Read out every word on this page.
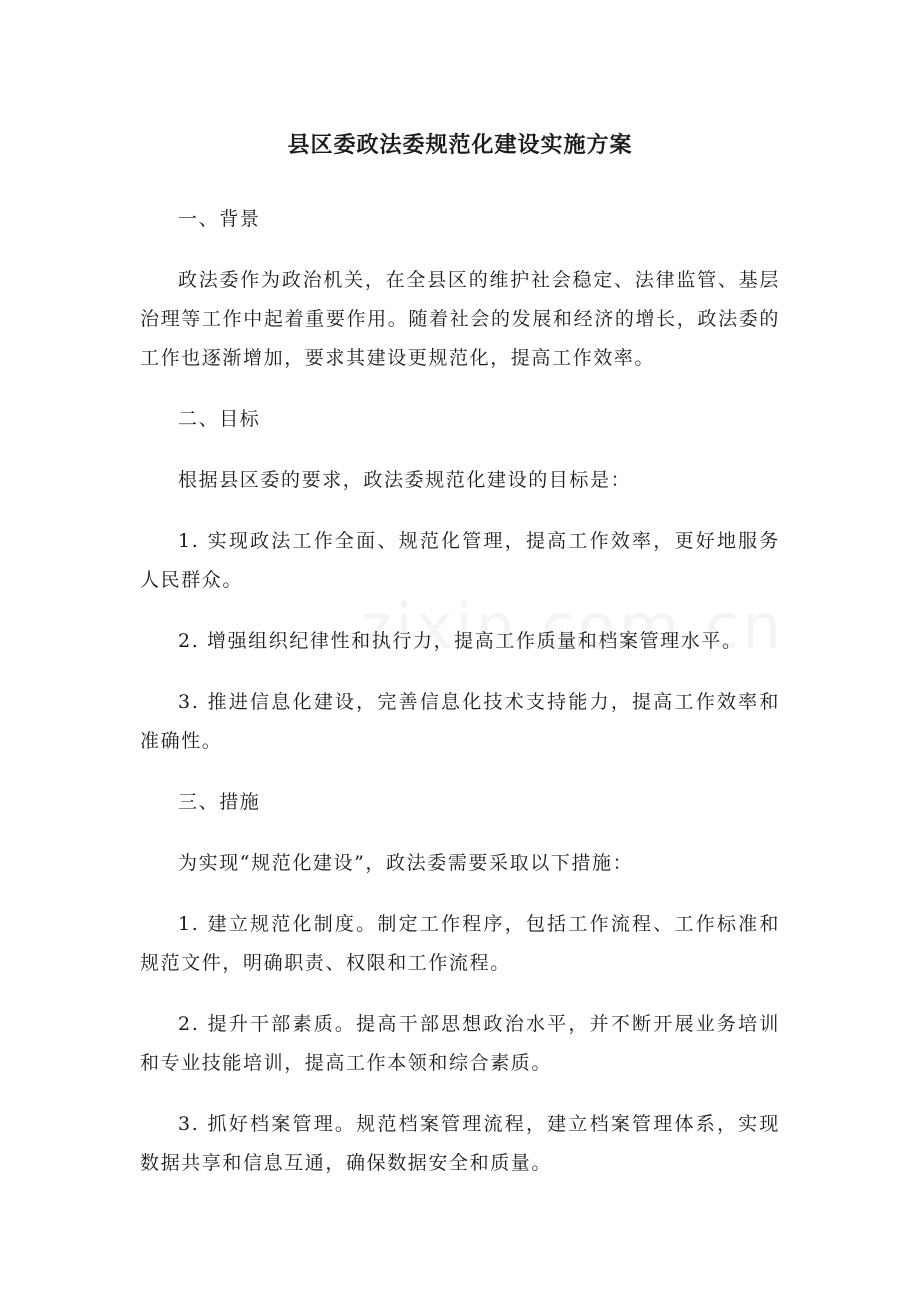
县区委政法委规范化建设实施方案

一、背景

政法委作为政治机关，在全县区的维护社会稳定、法律监管、基层治理等工作中起着重要作用。随着社会的发展和经济的增长，政法委的工作也逐渐增加，要求其建设更规范化，提高工作效率。

二、目标

根据县区委的要求，政法委规范化建设的目标是：

1. 实现政法工作全面、规范化管理，提高工作效率，更好地服务人民群众。

2. 增强组织纪律性和执行力，提高工作质量和档案管理水平。

3. 推进信息化建设，完善信息化技术支持能力，提高工作效率和准确性。

三、措施

为实现“规范化建设”，政法委需要采取以下措施：

1. 建立规范化制度。制定工作程序，包括工作流程、工作标准和规范文件，明确职责、权限和工作流程。

2. 提升干部素质。提高干部思想政治水平，并不断开展业务培训和专业技能培训，提高工作本领和综合素质。

3. 抓好档案管理。规范档案管理流程，建立档案管理体系，实现数据共享和信息互通，确保数据安全和质量。
